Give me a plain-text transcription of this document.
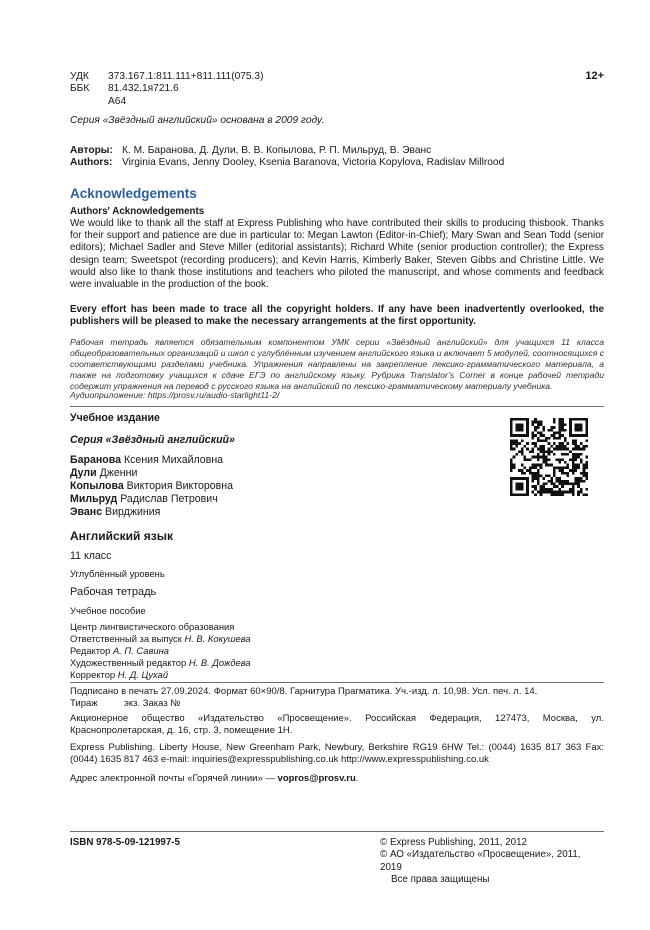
УДК	373.167.1:811.111+811.111(075.3)
ББК	81.432.1я721.6
А64
12+
Серия «Звёздный английский» основана в 2009 году.
Авторы: К. М. Баранова, Д. Дули, В. В. Копылова, Р. П. Мильруд, В. Эванс
Authors: Virginia Evans, Jenny Dooley, Ksenia Baranova, Victoria Kopylova, Radislav Millrood
Acknowledgements
Authors' Acknowledgements
We would like to thank all the staff at Express Publishing who have contributed their skills to producing thisbook. Thanks for their support and patience are due in particular to: Megan Lawton (Editor-in-Chief); Mary Swan and Sean Todd (senior editors); Michael Sadler and Steve Miller (editorial assistants); Richard White (senior production controller); the Express design team; Sweetspot (recording producers); and Kevin Harris, Kimberly Baker, Steven Gibbs and Christine Little. We would also like to thank those institutions and teachers who piloted the manuscript, and whose comments and feedback were invaluable in the production of the book.
Every effort has been made to trace all the copyright holders. If any have been inadvertently overlooked, the publishers will be pleased to make the necessary arrangements at the first opportunity.
Рабочая тетрадь является обязательным компонентом УМК серии «Звёздный английский» для учащихся 11 класса общеобразовательных организаций и школ с углублённым изучением английского языка и включает 5 модулей, соотносящихся с соответствующими разделами учебника. Упражнения направлены на закрепление лексико-грамматического материала, а также на подготовку учащихся к сдаче ЕГЭ по английскому языку. Рубрика Translator’s Corner в конце рабочей тетради содержит упражнения на перевод с русского языка на английский по лексико-грамматическому материалу учебника.
Аудиоприложение: https://prosv.ru/audio-starlight11-2/
Учебное издание
Серия «Звёздный английский»
Баранова Ксения Михайловна
Дули Дженни
Копылова Виктория Викторовна
Мильруд Радислав Петрович
Эванс Вирджиния
Английский язык
11 класс
Углублённый уровень
Рабочая тетрадь
Учебное пособие
Центр лингвистического образования
Ответственный за выпуск Н. В. Кокушева
Редактор А. П. Савина
Художественный редактор Н. В. Дождева
Корректор Н. Д. Цухай
Подписано в печать 27.09.2024. Формат 60×90/8. Гарнитура Прагматика. Уч.-изд. л. 10,98. Усл. печ. л. 14.
Тираж          экз. Заказ №
Акционерное общество «Издательство «Просвещение». Российская Федерация, 127473, Москва, ул. Краснопролетарская, д. 16, стр. 3, помещение 1Н.
Express Publishing. Liberty House, New Greenham Park, Newbury, Berkshire RG19 6HW Tel.: (0044) 1635 817 363 Fax: (0044) 1635 817 463 e-mail: inquiries@expresspublishing.co.uk http://www.expresspublishing.co.uk
Адрес электронной почты «Горячей линии» — vopros@prosv.ru.
ISBN 978-5-09-121997-5	© Express Publishing, 2011, 2012
© АО «Издательство «Просвещение», 2011, 2019
Все права защищены
